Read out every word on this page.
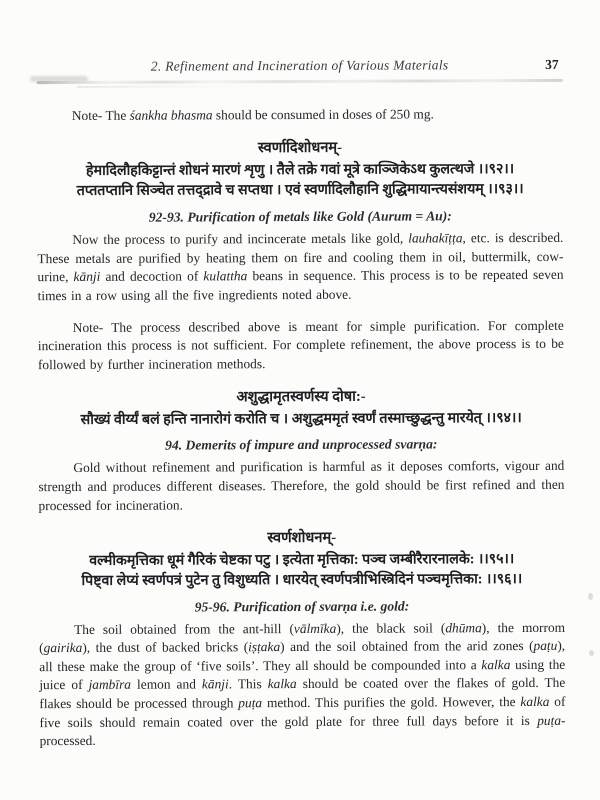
2. Refinement and Incineration of Various Materials	37

Note- The śankha bhasma should be consumed in doses of 250 mg.

स्वर्णादिशोधनम्-
हेमादिलौहकिट्टान्तं शोधनं मारणं शृणु । तैले तक्रे गवां मूत्रे काञ्जिकेऽथ कुलत्थजे ।।९२।।
तप्ततप्तानि सिञ्चेत तत्तद्द्रावे च सप्तधा । एवं स्वर्णादिलौहानि शुद्धिमायान्त्यसंशयम् ।।९३।।
92-93. Purification of metals like Gold (Aurum = Au):

Now the process to purify and incincerate metals like gold, lauhakīṭṭa, etc. is described. These metals are purified by heating them on fire and cooling them in oil, buttermilk, cow-urine, kānji and decoction of kulattha beans in sequence. This process is to be repeated seven times in a row using all the five ingredients noted above.

Note- The process described above is meant for simple purification. For complete incineration this process is not sufficient. For complete refinement, the above process is to be followed by further incineration methods.

अशुद्धामृतस्वर्णस्य दोषा:-
सौख्यं वीर्य्यं बलं हन्ति नानारोगं करोति च । अशुद्धममृतं स्वर्णं तस्माच्छुद्धन्तु मारयेत् ।।९४।।
94. Demerits of impure and unprocessed svarṇa:

Gold without refinement and purification is harmful as it deposes comforts, vigour and strength and produces different diseases. Therefore, the gold should be first refined and then processed for incineration.

स्वर्णशोधनम्-
वल्मीकमृत्तिका धूमं गैरिकं चेष्टका पटु । इत्येता मृत्तिका: पञ्च जम्बीरैरारनालके: ।।९५।।
पिष्ट्वा लेप्यं स्वर्णपत्रं पुटेन तु विशुध्यति । धारयेत् स्वर्णपत्रीभिस्त्रिदिनं पञ्चमृत्तिका: ।।९६।।
95-96. Purification of svarṇa i.e. gold:

The soil obtained from the ant-hill (vālmīka), the black soil (dhūma), the morrom (gairika), the dust of backed bricks (iṣṭaka) and the soil obtained from the arid zones (paṭu), all these make the group of ‘five soils’. They all should be compounded into a kalka using the juice of jambīra lemon and kānji. This kalka should be coated over the flakes of gold. The flakes should be processed through puṭa method. This purifies the gold. However, the kalka of five soils should remain coated over the gold plate for three full days before it is puṭa- processed.
